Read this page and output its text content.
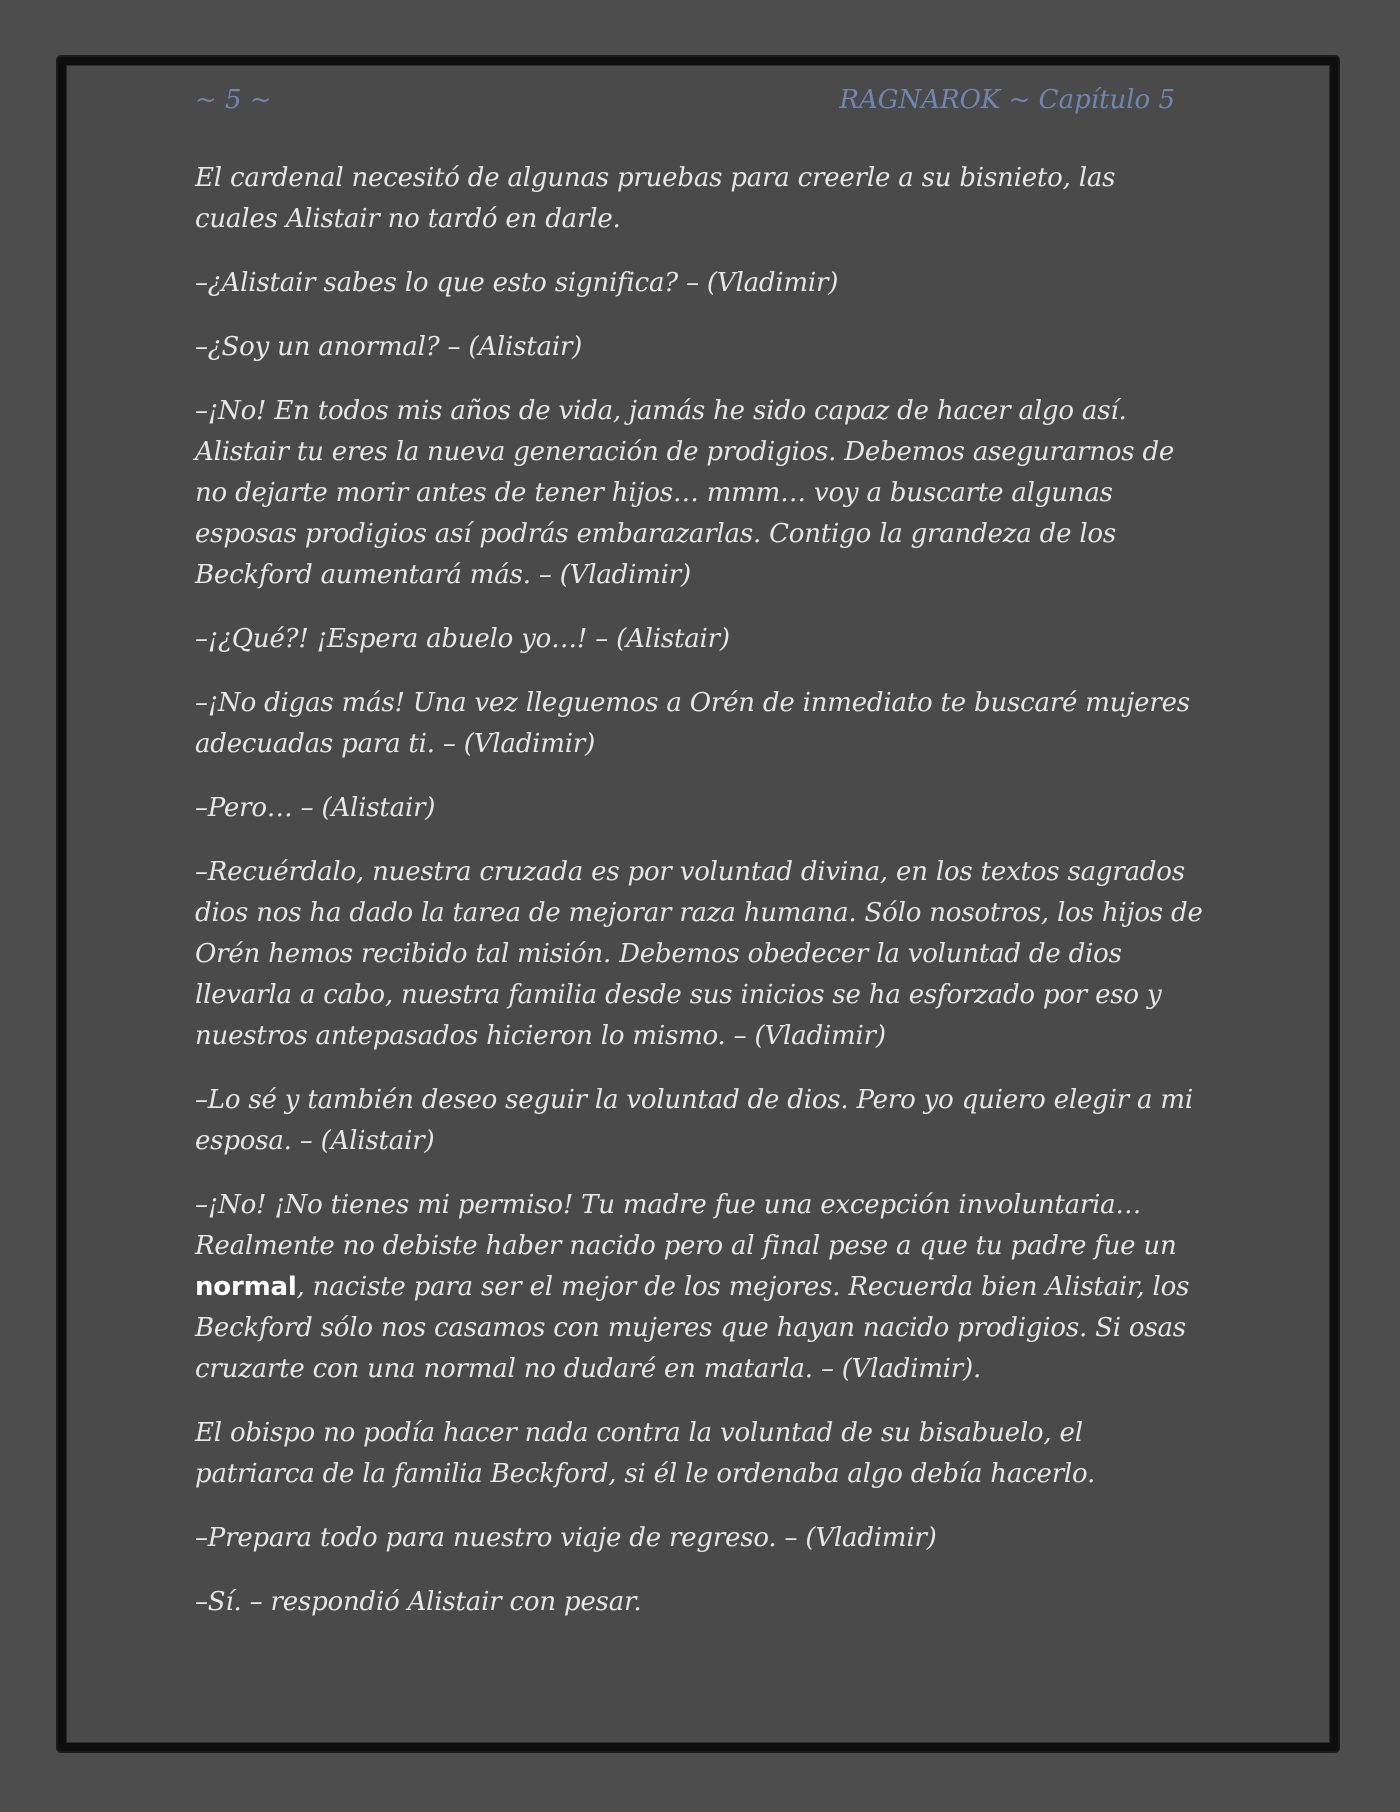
~ 5 ~	RAGNAROK ~ Capítulo 5

El cardenal necesitó de algunas pruebas para creerle a su bisnieto, las cuales Alistair no tardó en darle.

–¿Alistair sabes lo que esto significa? – (Vladimir)

–¿Soy un anormal? – (Alistair)

–¡No! En todos mis años de vida, jamás he sido capaz de hacer algo así. Alistair tu eres la nueva generación de prodigios. Debemos asegurarnos de no dejarte morir antes de tener hijos… mmm… voy a buscarte algunas esposas prodigios así podrás embarazarlas. Contigo la grandeza de los Beckford aumentará más. – (Vladimir)

–¡¿Qué?! ¡Espera abuelo yo…! – (Alistair)

–¡No digas más! Una vez lleguemos a Orén de inmediato te buscaré mujeres adecuadas para ti. – (Vladimir)

–Pero… – (Alistair)

–Recuérdalo, nuestra cruzada es por voluntad divina, en los textos sagrados dios nos ha dado la tarea de mejorar raza humana. Sólo nosotros, los hijos de Orén hemos recibido tal misión. Debemos obedecer la voluntad de dios llevarla a cabo, nuestra familia desde sus inicios se ha esforzado por eso y nuestros antepasados hicieron lo mismo. – (Vladimir)

–Lo sé y también deseo seguir la voluntad de dios. Pero yo quiero elegir a mi esposa. – (Alistair)

–¡No! ¡No tienes mi permiso! Tu madre fue una excepción involuntaria… Realmente no debiste haber nacido pero al final pese a que tu padre fue un normal, naciste para ser el mejor de los mejores. Recuerda bien Alistair, los Beckford sólo nos casamos con mujeres que hayan nacido prodigios. Si osas cruzarte con una normal no dudaré en matarla. – (Vladimir).

El obispo no podía hacer nada contra la voluntad de su bisabuelo, el patriarca de la familia Beckford, si él le ordenaba algo debía hacerlo.

–Prepara todo para nuestro viaje de regreso. – (Vladimir)

–Sí. – respondió Alistair con pesar.
